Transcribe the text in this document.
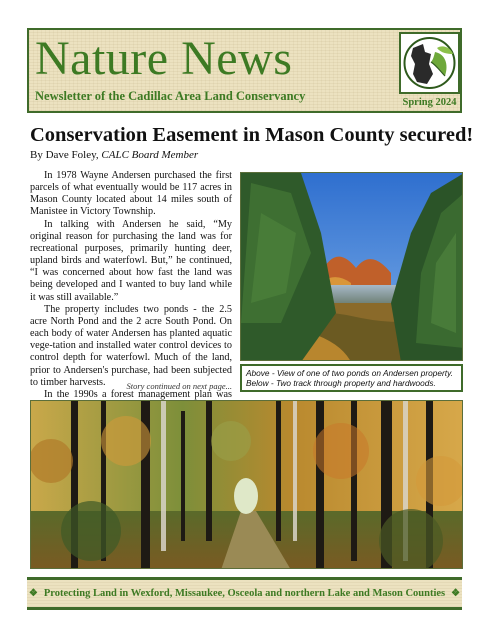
Nature News
Newsletter of the Cadillac Area Land Conservancy	Spring 2024
Conservation Easement in Mason County secured!
By Dave Foley, CALC Board Member

In 1978 Wayne Andersen purchased the first parcels of what eventually would be 117 acres in Mason County located about 14 miles south of Manistee in Victory Township.

In talking with Andersen he said, “My original reason for purchasing the land was for recreational purposes, primarily hunting deer, upland birds and waterfowl. But,” he continued, “I was concerned about how fast the land was being developed and I wanted to buy land while it was still available.”

The property includes two ponds - the 2.5 acre North Pond and the 2 acre South Pond. On each body of water Andersen has planted aquatic vege-tation and installed water control devices to control depth for waterfowl. Much of the land, prior to Andersen's purchase, had been subjected to timber harvests.

In the 1990s a forest management plan was

Story continued on next page...
Above - View of one of two ponds on Andersen property.
Below - Two track through property and hardwoods.
❖ Protecting Land in Wexford, Missaukee, Osceola and northern Lake and Mason Counties ❖
